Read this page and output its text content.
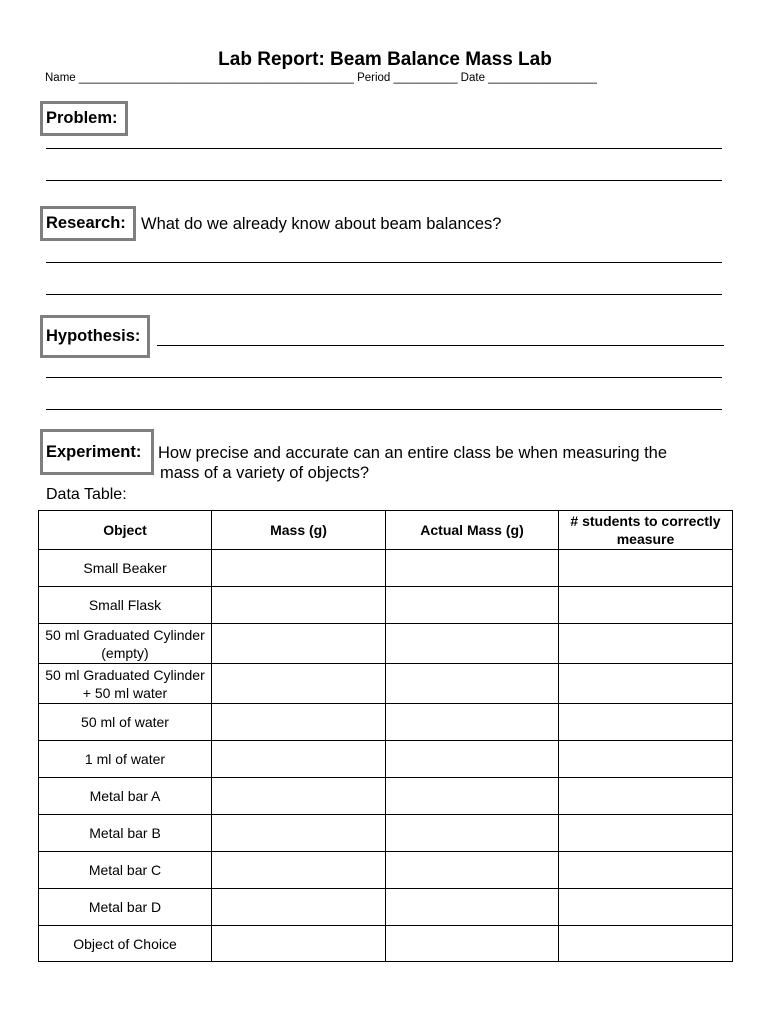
Lab Report: Beam Balance Mass Lab
Name ___________________________________________ Period __________ Date _________________
Problem:
Research: What do we already know about beam balances?
Hypothesis:
Experiment: How precise and accurate can an entire class be when measuring the
mass of a variety of objects?
Data Table:
Object	Mass (g)	Actual Mass (g)	# students to correctly measure
Small Beaker			
Small Flask			
50 ml Graduated Cylinder (empty)			
50 ml Graduated Cylinder + 50 ml water			
50 ml of water			
1 ml of water			
Metal bar A			
Metal bar B			
Metal bar C			
Metal bar D			
Object of Choice			
